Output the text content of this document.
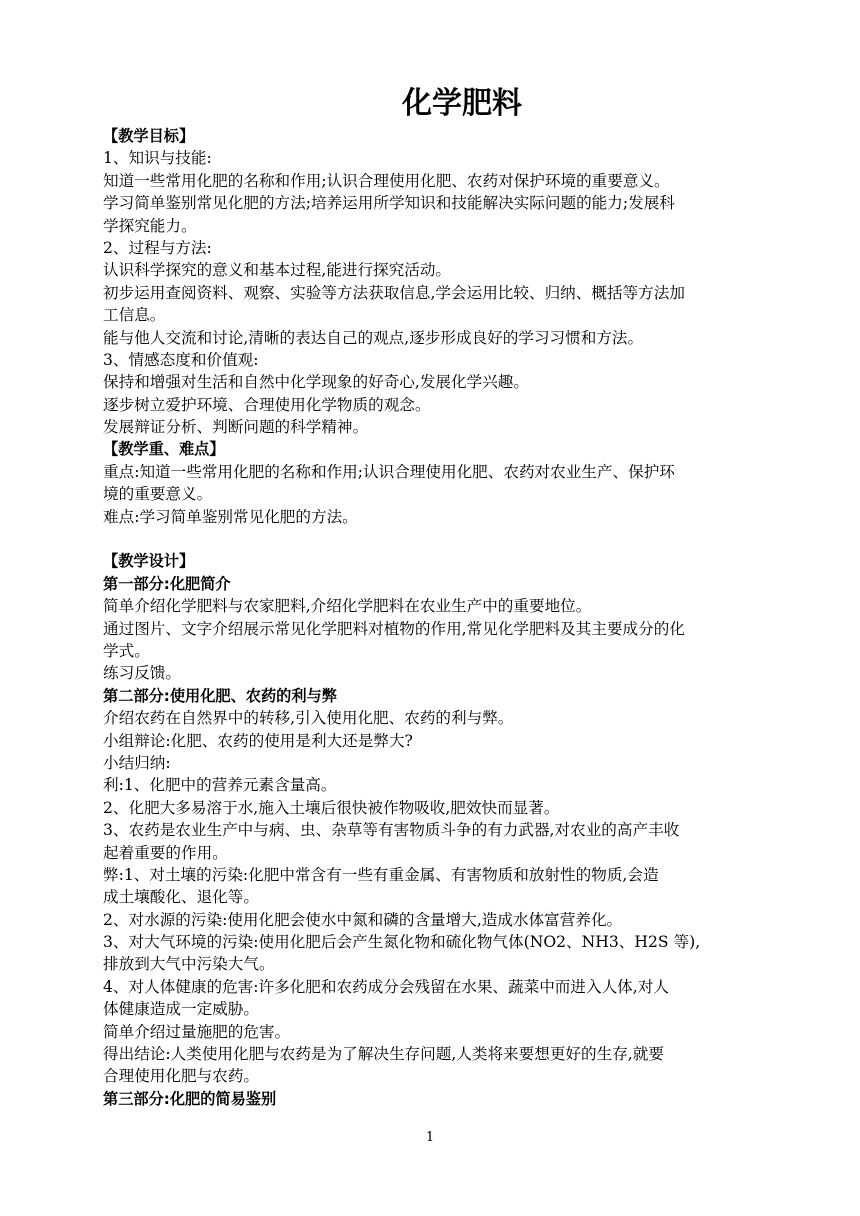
化学肥料

【教学目标】

1、知识与技能:

知道一些常用化肥的名称和作用;认识合理使用化肥、农药对保护环境的重要意义。

学习简单鉴别常见化肥的方法;培养运用所学知识和技能解决实际问题的能力;发展科

学探究能力。

2、过程与方法:

认识科学探究的意义和基本过程,能进行探究活动。

初步运用查阅资料、观察、实验等方法获取信息,学会运用比较、归纳、概括等方法加

工信息。

能与他人交流和讨论,清晰的表达自己的观点,逐步形成良好的学习习惯和方法。

3、情感态度和价值观:

保持和增强对生活和自然中化学现象的好奇心,发展化学兴趣。

逐步树立爱护环境、合理使用化学物质的观念。

发展辩证分析、判断问题的科学精神。

【教学重、难点】

重点:知道一些常用化肥的名称和作用;认识合理使用化肥、农药对农业生产、保护环

境的重要意义。

难点:学习简单鉴别常见化肥的方法。

【教学设计】

第一部分:化肥简介

简单介绍化学肥料与农家肥料,介绍化学肥料在农业生产中的重要地位。

通过图片、文字介绍展示常见化学肥料对植物的作用,常见化学肥料及其主要成分的化

学式。

练习反馈。

第二部分:使用化肥、农药的利与弊

介绍农药在自然界中的转移,引入使用化肥、农药的利与弊。

小组辩论:化肥、农药的使用是利大还是弊大?

小结归纳:

利:1、化肥中的营养元素含量高。

2、化肥大多易溶于水,施入土壤后很快被作物吸收,肥效快而显著。

3、农药是农业生产中与病、虫、杂草等有害物质斗争的有力武器,对农业的高产丰收

起着重要的作用。

弊:1、对土壤的污染:化肥中常含有一些有重金属、有害物质和放射性的物质,会造

成土壤酸化、退化等。

2、对水源的污染:使用化肥会使水中氮和磷的含量增大,造成水体富营养化。

3、对大气环境的污染:使用化肥后会产生氮化物和硫化物气体(NO2、NH3、H2S 等),

排放到大气中污染大气。

4、对人体健康的危害:许多化肥和农药成分会残留在水果、蔬菜中而进入人体,对人

体健康造成一定威胁。

简单介绍过量施肥的危害。

得出结论:人类使用化肥与农药是为了解决生存问题,人类将来要想更好的生存,就要

合理使用化肥与农药。

第三部分:化肥的简易鉴别

1
